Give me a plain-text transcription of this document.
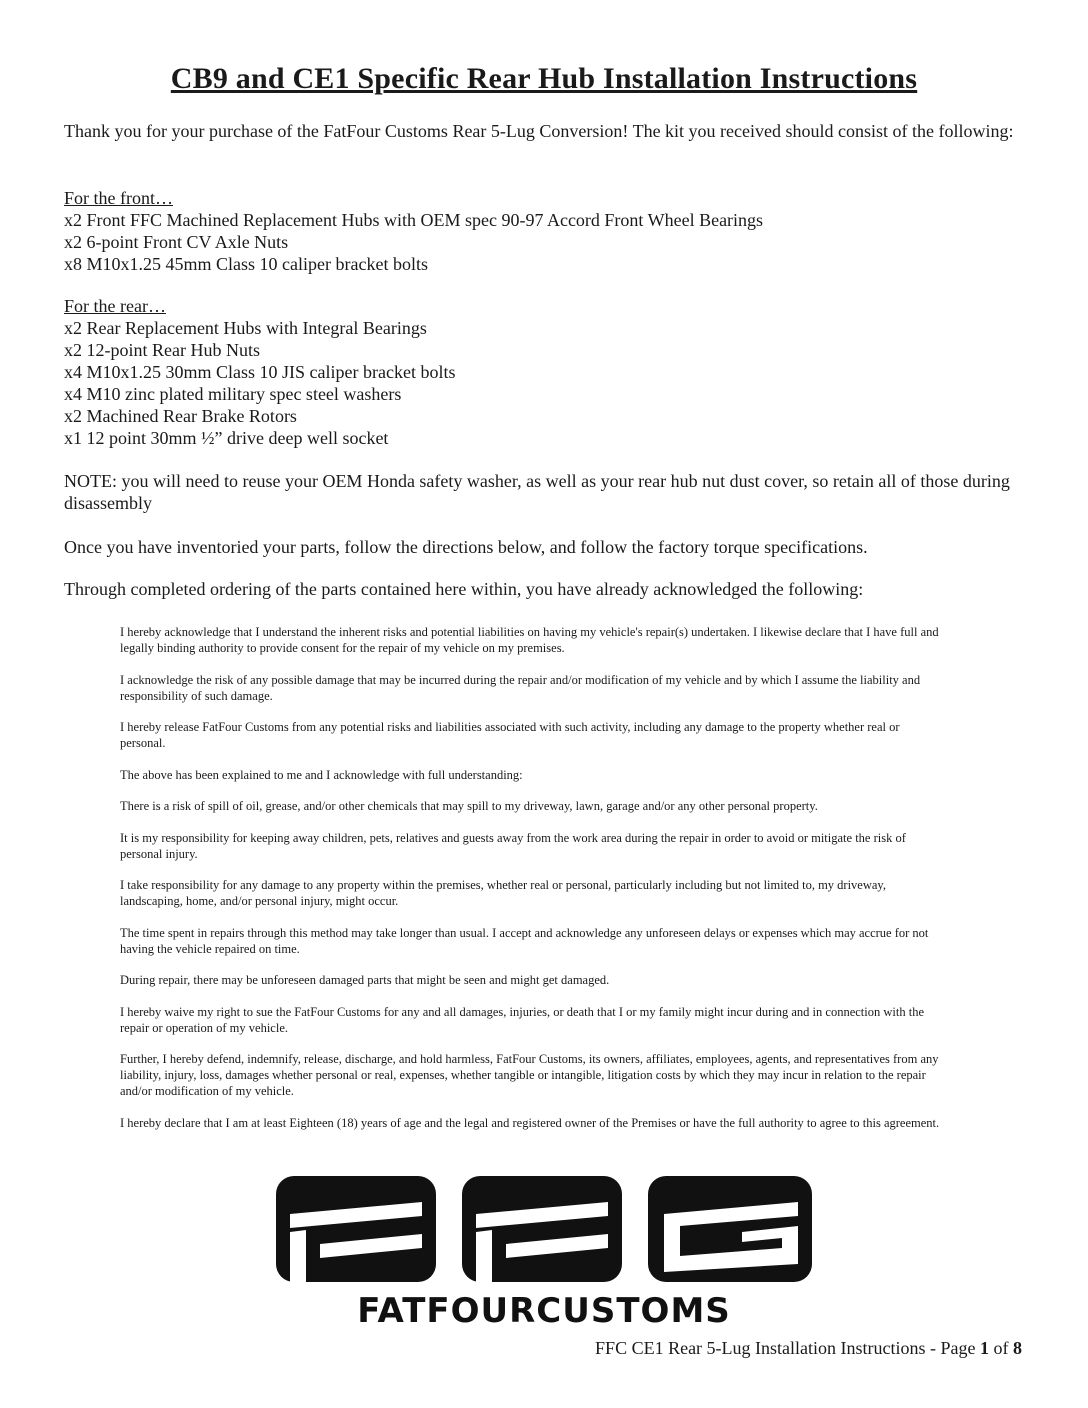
CB9 and CE1 Specific Rear Hub Installation Instructions

Thank you for your purchase of the FatFour Customs Rear 5-Lug Conversion! The kit you received should consist of the following:

For the front…
x2 Front FFC Machined Replacement Hubs with OEM spec 90-97 Accord Front Wheel Bearings
x2 6-point Front CV Axle Nuts
x8 M10x1.25 45mm Class 10 caliper bracket bolts
For the rear…
x2 Rear Replacement Hubs with Integral Bearings
x2 12-point Rear Hub Nuts
x4 M10x1.25 30mm Class 10 JIS caliper bracket bolts
x4 M10 zinc plated military spec steel washers
x2 Machined Rear Brake Rotors
x1 12 point 30mm ½” drive deep well socket

NOTE: you will need to reuse your OEM Honda safety washer, as well as your rear hub nut dust cover, so retain all of those during disassembly

Once you have inventoried your parts, follow the directions below, and follow the factory torque specifications.

Through completed ordering of the parts contained here within, you have already acknowledged the following:

I hereby acknowledge that I understand the inherent risks and potential liabilities on having my vehicle's repair(s) undertaken. I likewise declare that I have full and legally binding authority to provide consent for the repair of my vehicle on my premises.

I acknowledge the risk of any possible damage that may be incurred during the repair and/or modification of my vehicle and by which I assume the liability and responsibility of such damage.

I hereby release FatFour Customs from any potential risks and liabilities associated with such activity, including any damage to the property whether real or personal.

The above has been explained to me and I acknowledge with full understanding:

There is a risk of spill of oil, grease, and/or other chemicals that may spill to my driveway, lawn, garage and/or any other personal property.

It is my responsibility for keeping away children, pets, relatives and guests away from the work area during the repair in order to avoid or mitigate the risk of personal injury.

I take responsibility for any damage to any property within the premises, whether real or personal, particularly including but not limited to, my driveway, landscaping, home, and/or personal injury, might occur.

The time spent in repairs through this method may take longer than usual. I accept and acknowledge any unforeseen delays or expenses which may accrue for not having the vehicle repaired on time.

During repair, there may be unforeseen damaged parts that might be seen and might get damaged.

I hereby waive my right to sue the FatFour Customs for any and all damages, injuries, or death that I or my family might incur during and in connection with the repair or operation of my vehicle.

Further, I hereby defend, indemnify, release, discharge, and hold harmless, FatFour Customs, its owners, affiliates, employees, agents, and representatives from any liability, injury, loss, damages whether personal or real, expenses, whether tangible or intangible, litigation costs by which they may incur in relation to the repair and/or modification of my vehicle.

I hereby declare that I am at least Eighteen (18) years of age and the legal and registered owner of the Premises or have the full authority to agree to this agreement.

FATFOURCUSTOMS
FFC CE1 Rear 5-Lug Installation Instructions - Page 1 of 8
